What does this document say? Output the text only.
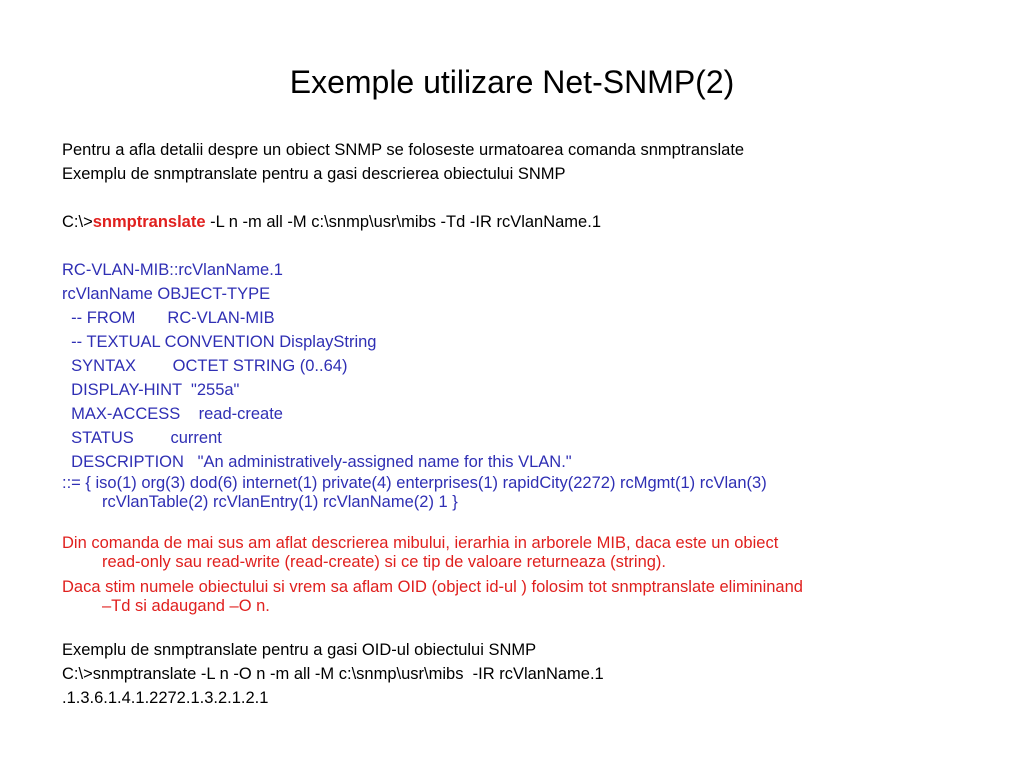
Exemple utilizare Net-SNMP(2)
Pentru a afla detalii despre un obiect SNMP se foloseste urmatoarea comanda snmptranslate
Exemplu de snmptranslate pentru a gasi descrierea obiectului SNMP
C:\>snmptranslate -L n -m all -M c:\snmp\usr\mibs -Td -IR rcVlanName.1
RC-VLAN-MIB::rcVlanName.1
rcVlanName OBJECT-TYPE
-- FROM       RC-VLAN-MIB
-- TEXTUAL CONVENTION DisplayString
SYNTAX        OCTET STRING (0..64)
DISPLAY-HINT  "255a"
MAX-ACCESS    read-create
STATUS        current
DESCRIPTION   "An administratively-assigned name for this VLAN."
::= { iso(1) org(3) dod(6) internet(1) private(4) enterprises(1) rapidCity(2272) rcMgmt(1) rcVlan(3)
rcVlanTable(2) rcVlanEntry(1) rcVlanName(2) 1 }
Din comanda de mai sus am aflat descrierea mibului, ierarhia in arborele MIB, daca este un obiect
read-only sau read-write (read-create) si ce tip de valoare returneaza (string).
Daca stim numele obiectului si vrem sa aflam OID (object id-ul ) folosim tot snmptranslate elimininand
–Td si adaugand –O n.
Exemplu de snmptranslate pentru a gasi OID-ul obiectului SNMP
C:\>snmptranslate -L n -O n -m all -M c:\snmp\usr\mibs  -IR rcVlanName.1
.1.3.6.1.4.1.2272.1.3.2.1.2.1
